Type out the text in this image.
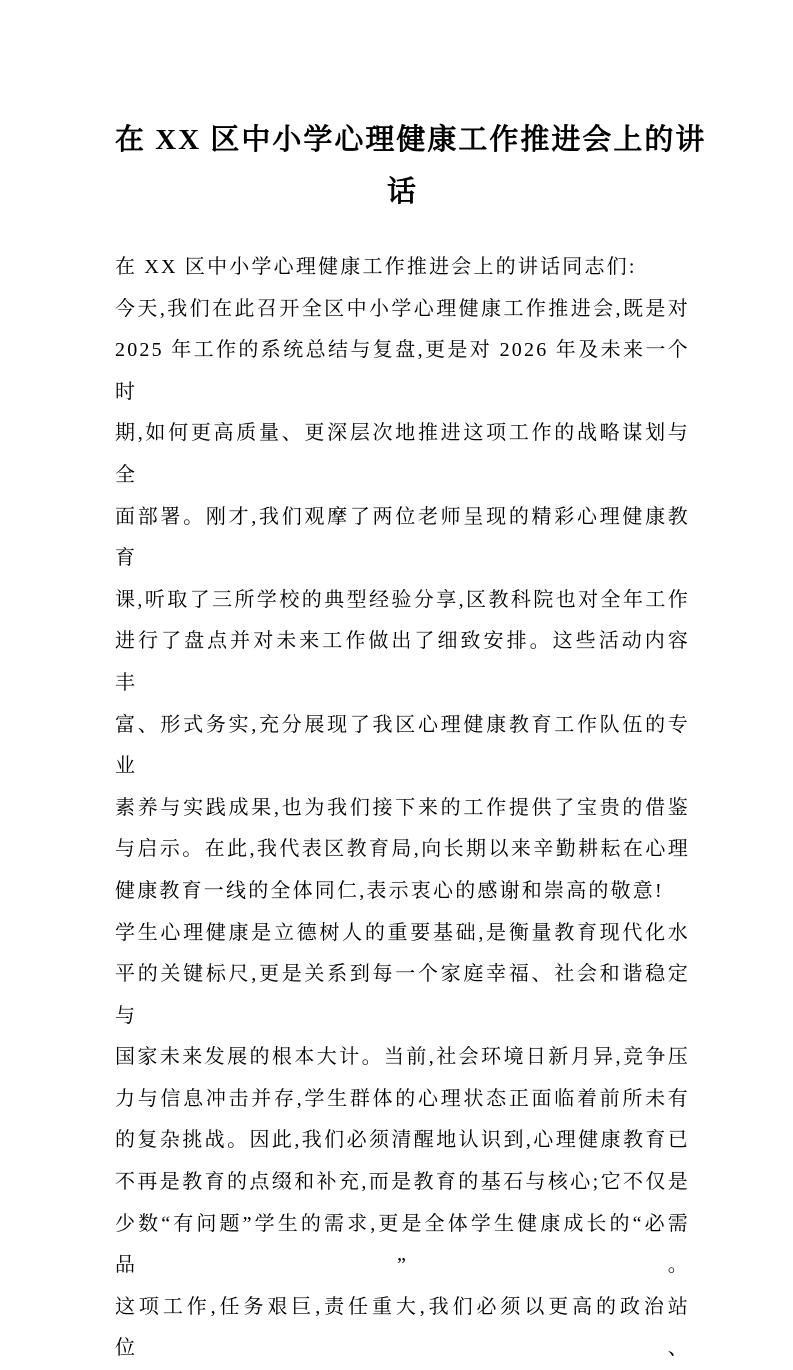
在 XX 区中小学心理健康工作推进会上的讲
话
在 XX 区中小学心理健康工作推进会上的讲话同志们:
今天,我们在此召开全区中小学心理健康工作推进会,既是对
2025 年工作的系统总结与复盘,更是对 2026 年及未来一个时
期,如何更高质量、更深层次地推进这项工作的战略谋划与全
面部署。刚才,我们观摩了两位老师呈现的精彩心理健康教育
课,听取了三所学校的典型经验分享,区教科院也对全年工作
进行了盘点并对未来工作做出了细致安排。这些活动内容丰
富、形式务实,充分展现了我区心理健康教育工作队伍的专业
素养与实践成果,也为我们接下来的工作提供了宝贵的借鉴
与启示。在此,我代表区教育局,向长期以来辛勤耕耘在心理
健康教育一线的全体同仁,表示衷心的感谢和崇高的敬意!
学生心理健康是立德树人的重要基础,是衡量教育现代化水
平的关键标尺,更是关系到每一个家庭幸福、社会和谐稳定与
国家未来发展的根本大计。当前,社会环境日新月异,竞争压
力与信息冲击并存,学生群体的心理状态正面临着前所未有
的复杂挑战。因此,我们必须清醒地认识到,心理健康教育已
不再是教育的点缀和补充,而是教育的基石与核心;它不仅是
少数“有问题”学生的需求,更是全体学生健康成长的“必需品”。
这项工作,任务艰巨,责任重大,我们必须以更高的政治站位、
